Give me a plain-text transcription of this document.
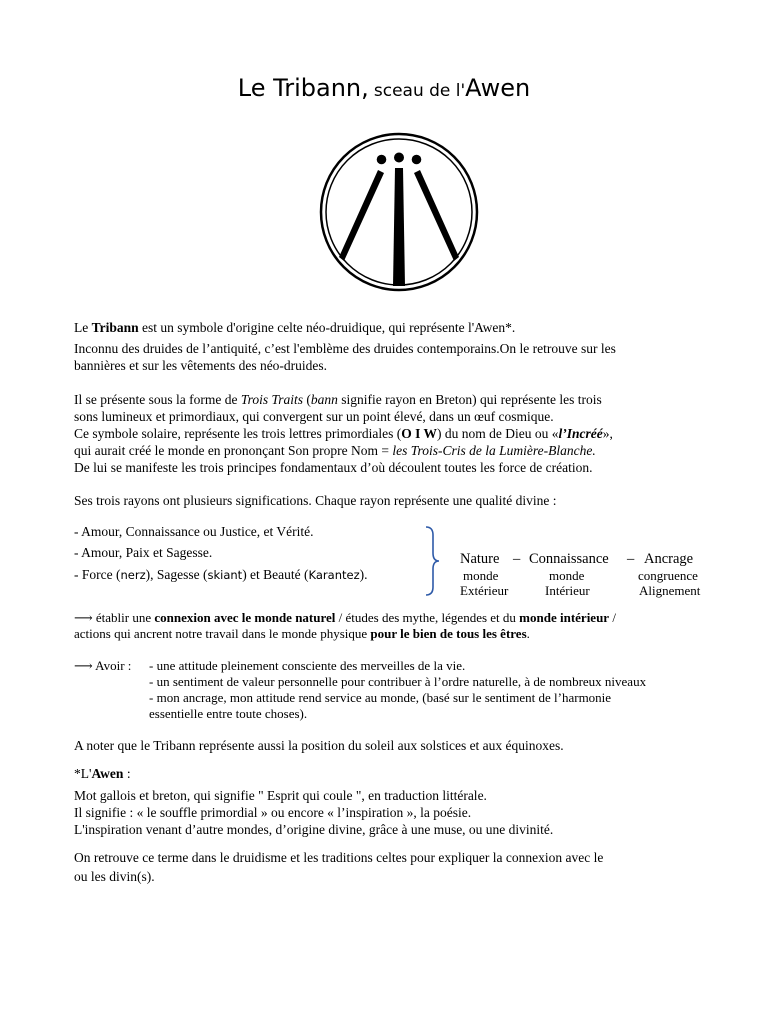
Le Tribann, sceau de l'Awen
Le Tribann est un symbole d'origine celte néo-druidique, qui représente l'Awen*.
Inconnu des druides de l’antiquité, c’est l'emblème des druides contemporains.On le retrouve sur les
bannières et sur les vêtements des néo-druides.
Il se présente sous la forme de Trois Traits (bann signifie rayon en Breton) qui représente les trois
sons lumineux et primordiaux, qui convergent sur un point élevé, dans un œuf cosmique.
Ce symbole solaire, représente les trois lettres primordiales (O I W) du nom de Dieu ou «l’Incréé»,
qui aurait créé le monde en prononçant Son propre Nom = les Trois-Cris de la Lumière-Blanche.
De lui se manifeste les trois principes fondamentaux d’où découlent toutes les force de création.
Ses trois rayons ont plusieurs significations. Chaque rayon représente une qualité divine :
- Amour, Connaissance ou Justice, et Vérité.
- Amour, Paix et Sagesse.
- Force (nerz), Sagesse (skiant) et Beauté (Karantez).
Nature – Connaissance – Ancrage
monde	monde	congruence
Extérieur	Intérieur	Alignement
⟶ établir une connexion avec le monde naturel / études des mythe, légendes et du monde intérieur /
actions qui ancrent notre travail dans le monde physique pour le bien de tous les êtres.
⟶ Avoir : - une attitude pleinement consciente des merveilles de la vie.
- un sentiment de valeur personnelle pour contribuer à l’ordre naturelle, à de nombreux niveaux
- mon ancrage, mon attitude rend service au monde, (basé sur le sentiment de l’harmonie
essentielle entre toute choses).
A noter que le Tribann représente aussi la position du soleil aux solstices et aux équinoxes.
*L'Awen :
Mot gallois et breton, qui signifie " Esprit qui coule ", en traduction littérale.
Il signifie : « le souffle primordial » ou encore « l’inspiration », la poésie.
L'inspiration venant d’autre mondes, d’origine divine, grâce à une muse, ou une divinité.
On retrouve ce terme dans le druidisme et les traditions celtes pour expliquer la connexion avec le
ou les divin(s).
